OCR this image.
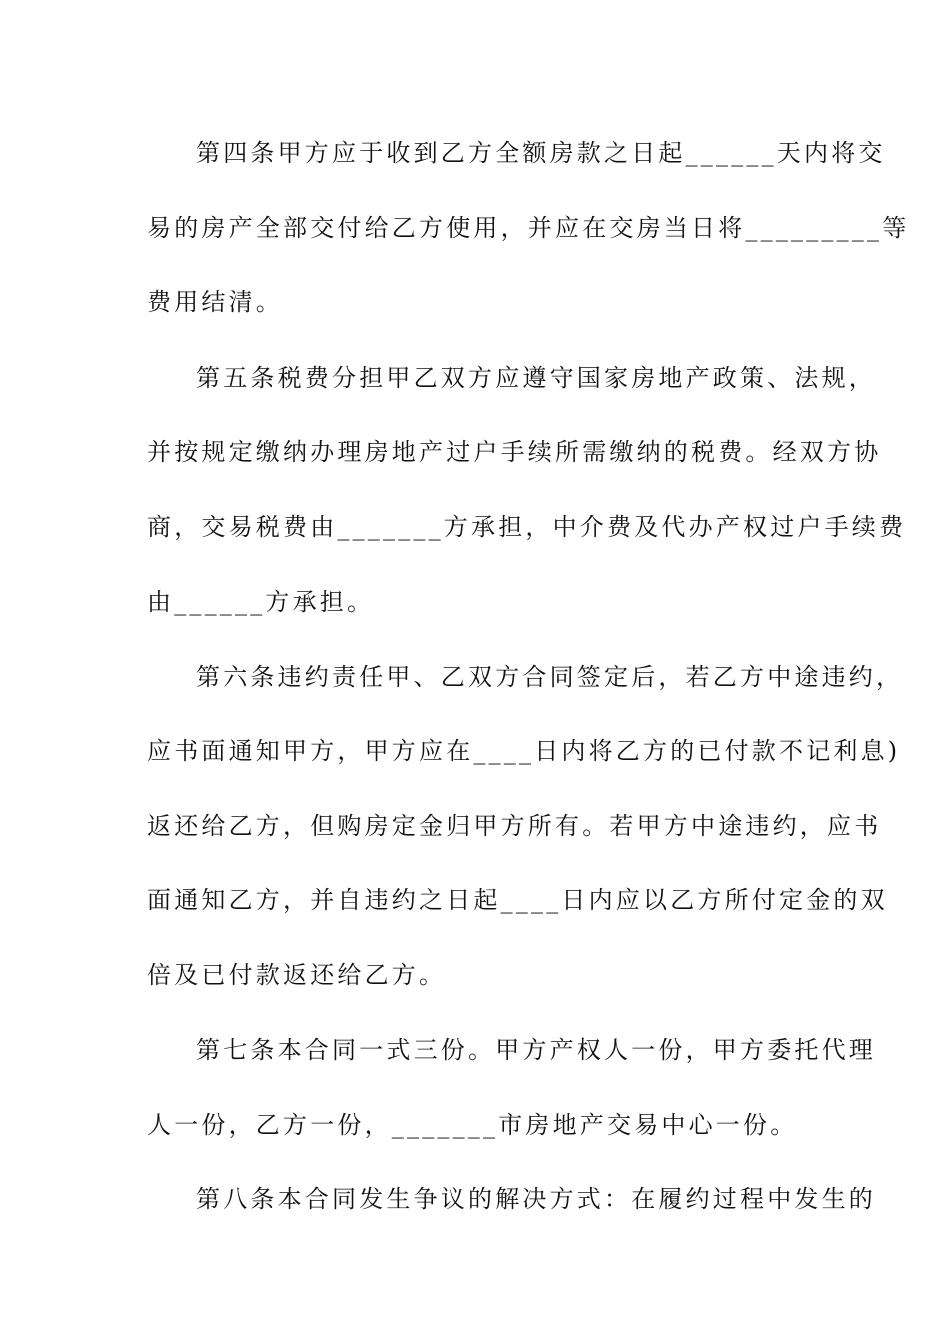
第四条甲方应于收到乙方全额房款之日起______天内将交
易的房产全部交付给乙方使用，并应在交房当日将_________等
费用结清。
第五条税费分担甲乙双方应遵守国家房地产政策、法规，
并按规定缴纳办理房地产过户手续所需缴纳的税费。经双方协
商，交易税费由_______方承担，中介费及代办产权过户手续费
由______方承担。
第六条违约责任甲、乙双方合同签定后，若乙方中途违约，
应书面通知甲方，甲方应在____日内将乙方的已付款不记利息)
返还给乙方，但购房定金归甲方所有。若甲方中途违约，应书
面通知乙方，并自违约之日起____日内应以乙方所付定金的双
倍及已付款返还给乙方。
第七条本合同一式三份。甲方产权人一份，甲方委托代理
人一份，乙方一份，_______市房地产交易中心一份。
第八条本合同发生争议的解决方式：在履约过程中发生的
